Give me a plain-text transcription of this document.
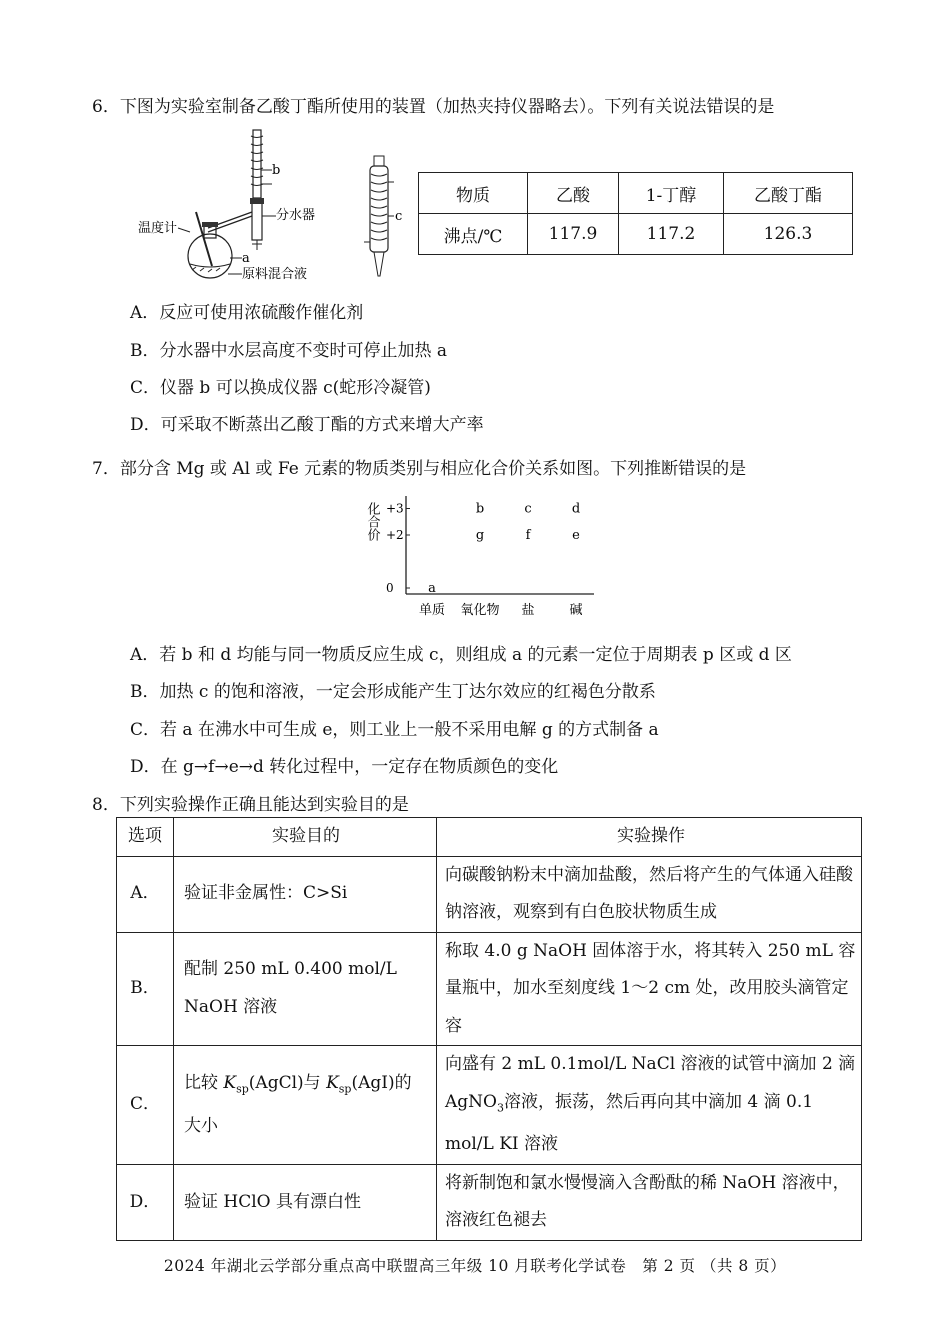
6．下图为实验室制备乙酸丁酯所使用的装置（加热夹持仪器略去）。下列有关说法错误的是
b
分水器
温度计
a
原料混合液
c
物质	乙酸	1-丁醇	乙酸丁酯
沸点/℃	117.9	117.2	126.3
A．反应可使用浓硫酸作催化剂
B．分水器中水层高度不变时可停止加热 a
C．仪器 b 可以换成仪器 c(蛇形冷凝管)
D．可采取不断蒸出乙酸丁酯的方式来增大产率
7．部分含 Mg 或 Al 或 Fe 元素的物质类别与相应化合价关系如图。下列推断错误的是
化合价 +3
+2
0
单质 氧化物 盐	碱
a
b
g
c
f
d
e
A．若 b 和 d 均能与同一物质反应生成 c，则组成 a 的元素一定位于周期表 p 区或 d 区
B．加热 c 的饱和溶液，一定会形成能产生丁达尔效应的红褐色分散系
C．若 a 在沸水中可生成 e，则工业上一般不采用电解 g 的方式制备 a
D．在 g→f→e→d 转化过程中，一定存在物质颜色的变化
8．下列实验操作正确且能达到实验目的是
选项	实验目的	实验操作
A．	验证非金属性：C>Si	向碳酸钠粉末中滴加盐酸，然后将产生的气体通入硅酸钠溶液，观察到有白色胶状物质生成
B．	配制 250 mL 0.400 mol/L NaOH 溶液	称取 4.0 g NaOH 固体溶于水，将其转入 250 mL 容量瓶中，加水至刻度线 1～2 cm 处，改用胶头滴管定容
C．	比较 $K_{sp}(AgCl)$与 $K_{sp}(AgI)$的大小	向盛有 2 mL 0.1mol/L NaCl 溶液的试管中滴加 2 滴 AgNO$_3$溶液，振荡，然后再向其中滴加 4 滴 0.1 mol/L KI 溶液
D．	验证 HClO 具有漂白性	将新制饱和氯水慢慢滴入含酚酞的稀 NaOH 溶液中，溶液红色褪去
2024 年湖北云学部分重点高中联盟高三年级 10 月联考化学试卷　第 2 页 （共 8 页）
